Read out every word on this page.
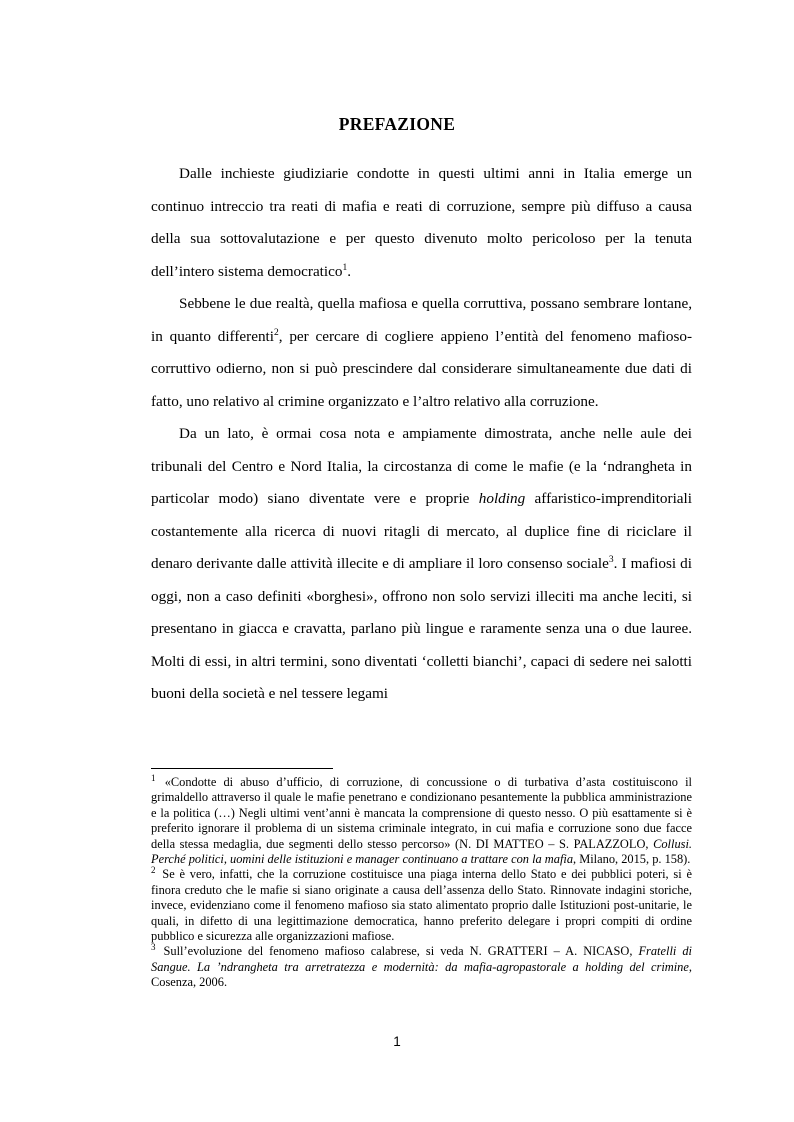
PREFAZIONE

Dalle inchieste giudiziarie condotte in questi ultimi anni in Italia emerge un continuo intreccio tra reati di mafia e reati di corruzione, sempre più diffuso a causa della sua sottovalutazione e per questo divenuto molto pericoloso per la tenuta dell’intero sistema democratico$^1$.

Sebbene le due realtà, quella mafiosa e quella corruttiva, possano sembrare lontane, in quanto differenti$^2$, per cercare di cogliere appieno l’entità del fenomeno mafioso-corruttivo odierno, non si può prescindere dal considerare simultaneamente due dati di fatto, uno relativo al crimine organizzato e l’altro relativo alla corruzione.

Da un lato, è ormai cosa nota e ampiamente dimostrata, anche nelle aule dei tribunali del Centro e Nord Italia, la circostanza di come le mafie (e la ‘ndrangheta in particolar modo) siano diventate vere e proprie holding affaristico-imprenditoriali costantemente alla ricerca di nuovi ritagli di mercato, al duplice fine di riciclare il denaro derivante dalle attività illecite e di ampliare il loro consenso sociale$^3$. I mafiosi di oggi, non a caso definiti «borghesi», offrono non solo servizi illeciti ma anche leciti, si presentano in giacca e cravatta, parlano più lingue e raramente senza una o due lauree. Molti di essi, in altri termini, sono diventati ‘colletti bianchi’, capaci di sedere nei salotti buoni della società e nel tessere legami

$^1$ «Condotte di abuso d’ufficio, di corruzione, di concussione o di turbativa d’asta costituiscono il grimaldello attraverso il quale le mafie penetrano e condizionano pesantemente la pubblica amministrazione e la politica (…) Negli ultimi vent’anni è mancata la comprensione di questo nesso. O più esattamente si è preferito ignorare il problema di un sistema criminale integrato, in cui mafia e corruzione sono due facce della stessa medaglia, due segmenti dello stesso percorso» (N. DI MATTEO – S. PALAZZOLO, Collusi. Perché politici, uomini delle istituzioni e manager continuano a trattare con la mafia, Milano, 2015, p. 158).

$^2$ Se è vero, infatti, che la corruzione costituisce una piaga interna dello Stato e dei pubblici poteri, si è finora creduto che le mafie si siano originate a causa dell’assenza dello Stato. Rinnovate indagini storiche, invece, evidenziano come il fenomeno mafioso sia stato alimentato proprio dalle Istituzioni post-unitarie, le quali, in difetto di una legittimazione democratica, hanno preferito delegare i propri compiti di ordine pubblico e sicurezza alle organizzazioni mafiose.

$^3$ Sull’evoluzione del fenomeno mafioso calabrese, si veda N. GRATTERI – A. NICASO, Fratelli di Sangue. La ’ndrangheta tra arretratezza e modernità: da mafia-agropastorale a holding del crimine, Cosenza, 2006.

1
